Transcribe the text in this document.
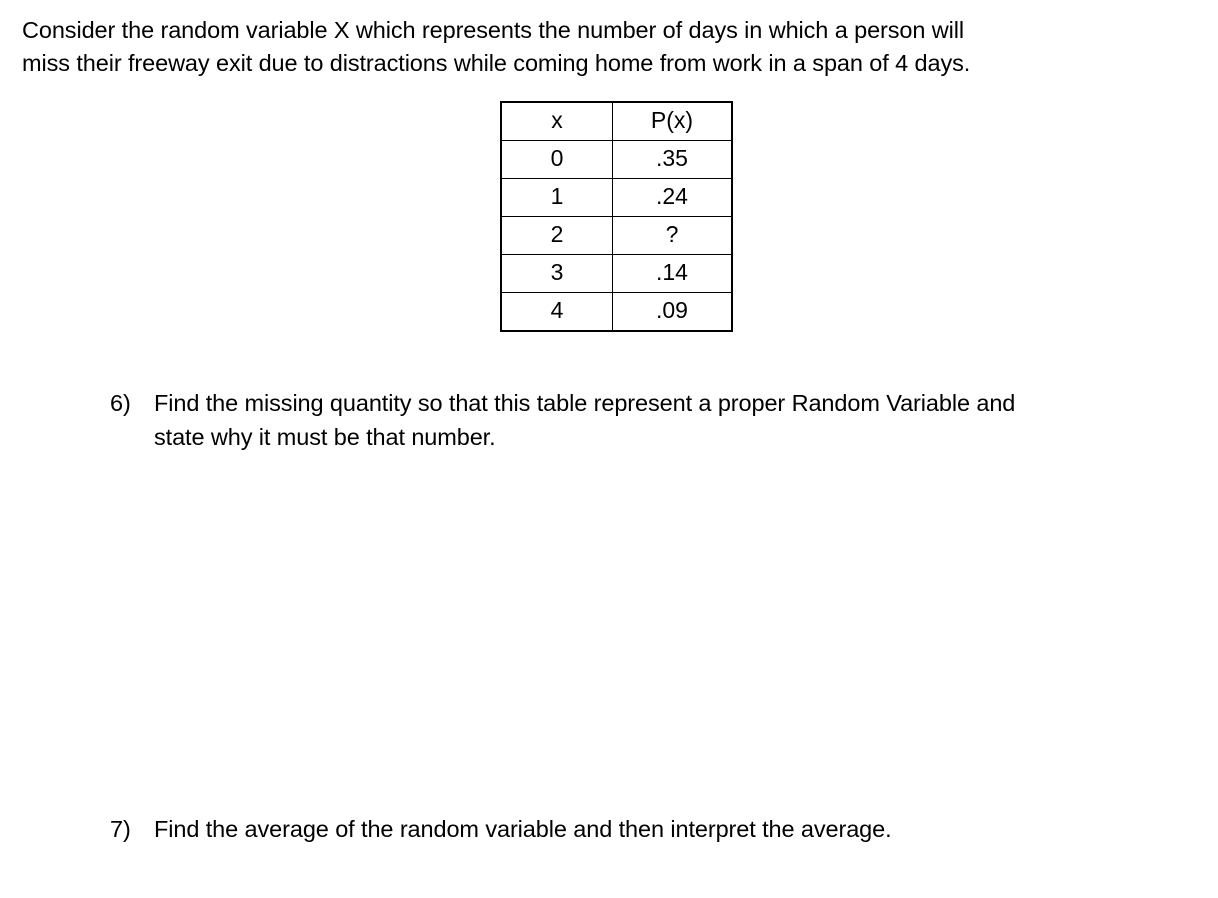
Consider the random variable X which represents the number of days in which a person will
miss their freeway exit due to distractions while coming home from work in a span of 4 days.
x	P(x)
0	.35
1	.24
2	?
3	.14
4	.09
6) Find the missing quantity so that this table represent a proper Random Variable and
state why it must be that number.
7) Find the average of the random variable and then interpret the average.
